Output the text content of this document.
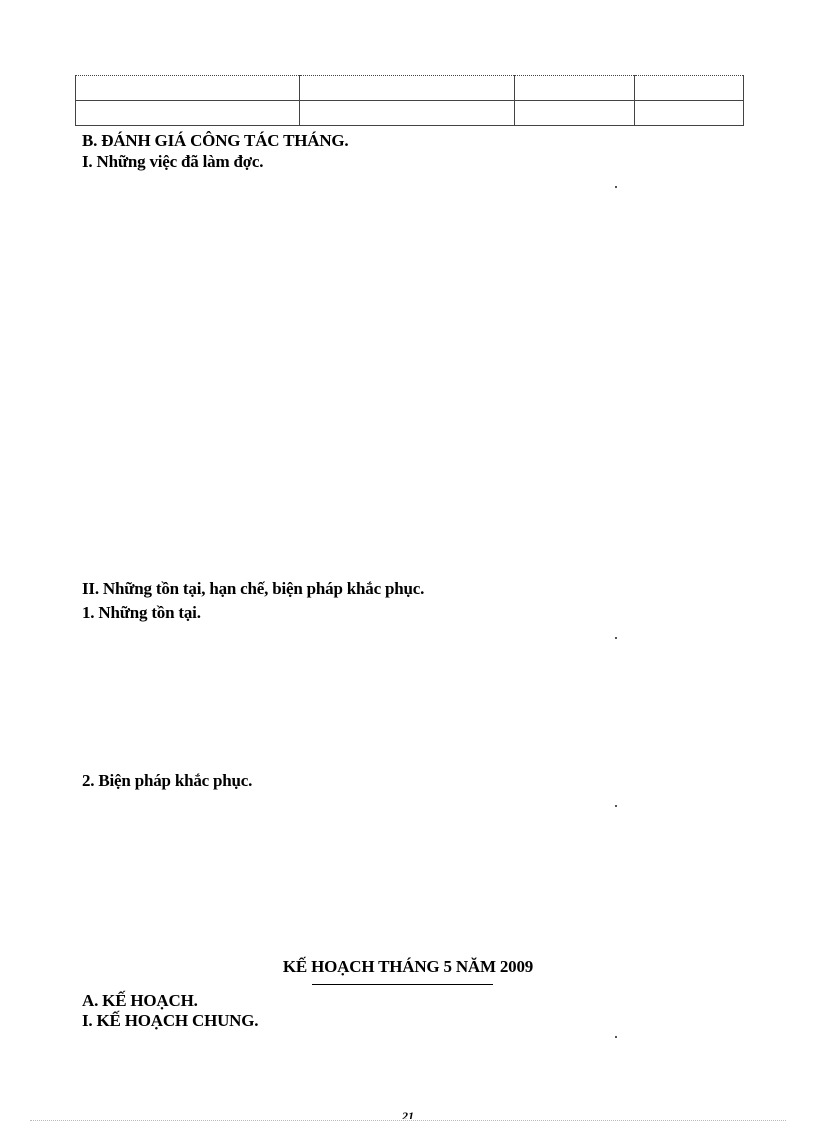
B. ĐÁNH GIÁ CÔNG TÁC THÁNG.
I. Những việc đã làm đợc.
II. Những tồn tại, hạn chế, biện pháp khắc phục.
1. Những tồn tại.
2. Biện pháp khắc phục.
KẾ HOẠCH THÁNG 5 NĂM 2009
A. KẾ HOẠCH.
I. KẾ HOẠCH CHUNG.
21
